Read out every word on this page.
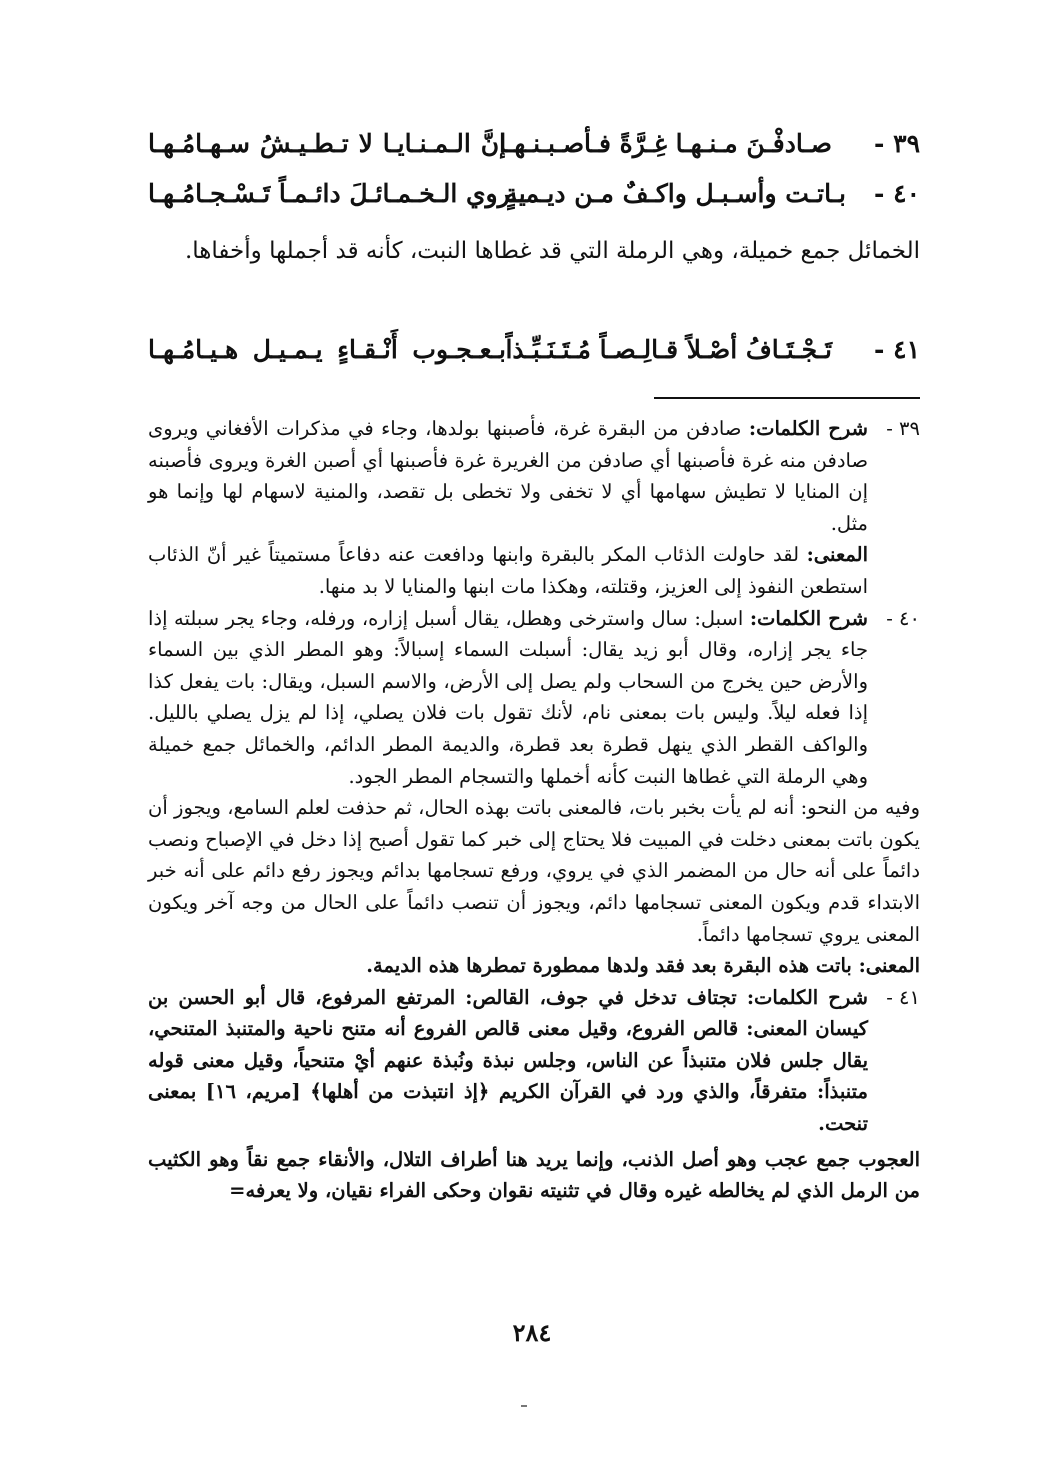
٣٩ -
صـادفْـنَ مـنـهـا غِـرَّةً فـأصـبـنـهـا
إنَّ الـمـنـايـا لا تـطـيـشُ سـهـامُـهـا
٤٠ -
بـاتـت وأسـبـل واكـفٌ مـن ديـمـةٍ
يـروي الـخـمـائـلَ دائـمـاً تَـسْـجـامُـهـا
الخمائل جمع خميلة، وهي الرملة التي قد غطاها النبت، كأنه قد أجملها وأخفاها.
٤١ -
تَـجْـتَـافُ أصْـلاً قـالِـصـاً مُـتَـنَـبِّـذاً
بـعـجـوب أَنْـقـاءٍ يـمـيـل هـيـامُـهـا
٣٩ -

شرح الكلمات: صادفن من البقرة غرة، فأصبنها بولدها، وجاء في مذكرات الأفغاني ويروى صادفن منه غرة فأصبنها أي صادفن من الغريرة غرة فأصبنها أي أصبن الغرة ويروى فأصبنه إن المنايا لا تطيش سهامها أي لا تخفى ولا تخطى بل تقصد، والمنية لاسهام لها وإنما هو مثل.

المعنى: لقد حاولت الذئاب المكر بالبقرة وابنها ودافعت عنه دفاعاً مستميتاً غير أنّ الذئاب استطعن النفوذ إلى العزيز، وقتلته، وهكذا مات ابنها والمنايا لا بد منها.

٤٠ -

شرح الكلمات: اسبل: سال واسترخى وهطل، يقال أسبل إزاره، ورفله، وجاء يجر سبلته إذا جاء يجر إزاره، وقال أبو زيد يقال: أسبلت السماء إسبالاً: وهو المطر الذي بين السماء والأرض حين يخرج من السحاب ولم يصل إلى الأرض، والاسم السبل، ويقال: بات يفعل كذا إذا فعله ليلاً. وليس بات بمعنى نام، لأنك تقول بات فلان يصلي، إذا لم يزل يصلي بالليل. والواكف القطر الذي ينهل قطرة بعد قطرة، والديمة المطر الدائم، والخمائل جمع خميلة وهي الرملة التي غطاها النبت كأنه أخملها والتسجام المطر الجود.

وفيه من النحو: أنه لم يأت بخبر بات، فالمعنى باتت بهذه الحال، ثم حذفت لعلم السامع، ويجوز أن يكون باتت بمعنى دخلت في المبيت فلا يحتاج إلى خبر كما تقول أصبح إذا دخل في الإصباح ونصب دائماً على أنه حال من المضمر الذي في يروي، ورفع تسجامها بدائم ويجوز رفع دائم على أنه خبر الابتداء قدم ويكون المعنى تسجامها دائم، ويجوز أن تنصب دائماً على الحال من وجه آخر ويكون المعنى يروي تسجامها دائماً.

المعنى: باتت هذه البقرة بعد فقد ولدها ممطورة تمطرها هذه الديمة.

٤١ -

شرح الكلمات: تجتاف تدخل في جوف، القالص: المرتفع المرفوع، قال أبو الحسن بن كيسان المعنى: قالص الفروع، وقيل معنى قالص الفروع أنه متنح ناحية والمتنبذ المتنحي، يقال جلس فلان متنبذاً عن الناس، وجلس نبذة ونُبذة عنهم أيْ متنحياً، وقيل معنى قوله متنبذاً: متفرقاً، والذي ورد في القرآن الكريم ﴿إذ انتبذت من أهلها﴾ [مريم، ١٦] بمعنى تنحت.

العجوب جمع عجب وهو أصل الذنب، وإنما يريد هنا أطراف التلال، والأنقاء جمع نقاً وهو الكثيب من الرمل الذي لم يخالطه غيره وقال في تثنيته نقوان وحكى الفراء نقيان، ولا يعرفه=

٢٨٤
